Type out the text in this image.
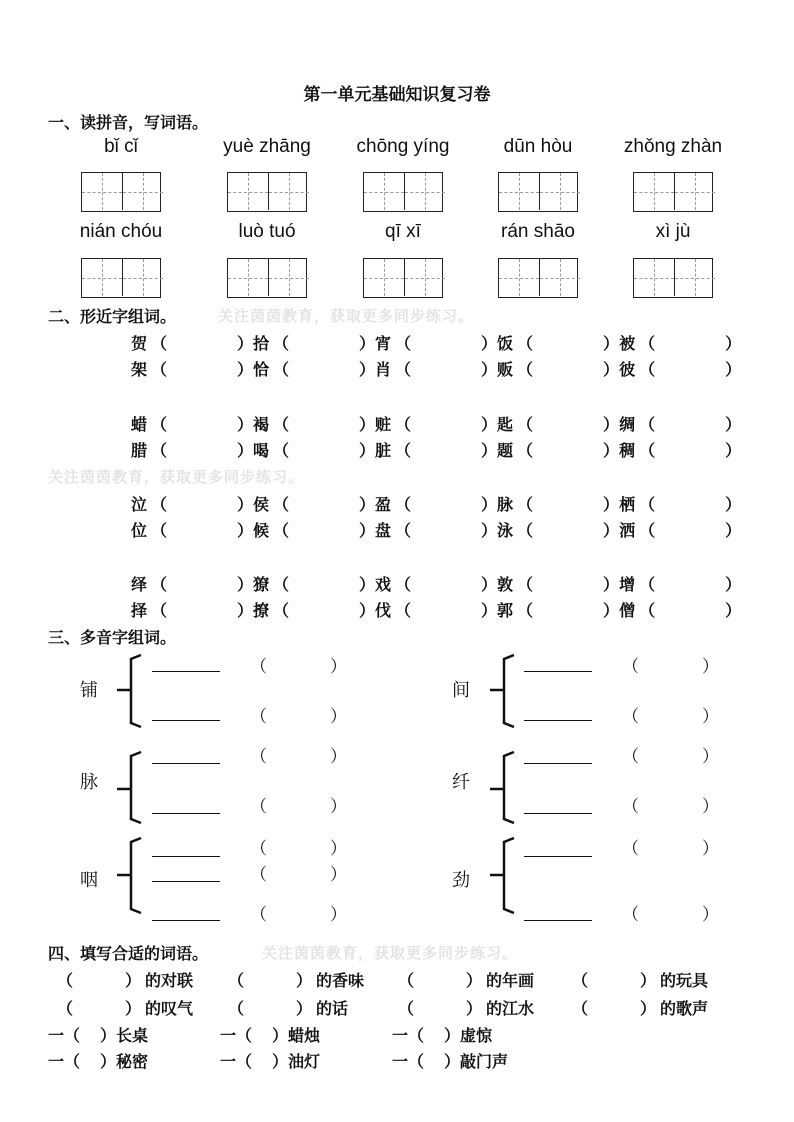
第一单元基础知识复习卷
一、读拼音，写词语。
bǐ cǐ	yuè zhāng	chōng yíng	dūn hòu	zhǒng zhàn
nián chóu	luò tuó	qī xī	rán shāo	xì jù
二、形近字组词。	关注茵茵教育，获取更多同步练习。
关注茵茵教育，获取更多同步练习。
贺 （	）拾 （	）宵 （	）饭 （	）被 （	）
架 （	）恰 （	）肖 （	）贩 （	）彼 （	）
蜡 （	）褐 （	）赃 （	）匙 （	）绸 （	）
腊 （	）喝 （	）脏 （	）题 （	）稠 （	）
泣 （	）侯 （	）盈 （	）脉 （	）栖 （	）
位 （	）候 （	）盘 （	）泳 （	）洒 （	）
绎 （	）獠 （	）戏 （	）敦 （	）增 （	）
择 （	）撩 （	）伐 （	）郭 （	）僧 （	）
三、多音字组词。
铺
（	）
（	）
间
（	）
（	）
脉
（	）
（	）
纤
（	）
（	）
咽
（	）
（	）
（	）
劲
（	）
（	）
四、填写合适的词语。	关注茵茵教育，获取更多同步练习。
（	） 的对联 （	） 的香味 （	） 的年画 （	） 的玩具
（	） 的叹气 （	） 的话	（	） 的江水 （	） 的歌声
一（ ）长桌	一（ ）蜡烛	一（ ）虚惊
一（ ）秘密	一（ ）油灯	一（ ）敲门声
